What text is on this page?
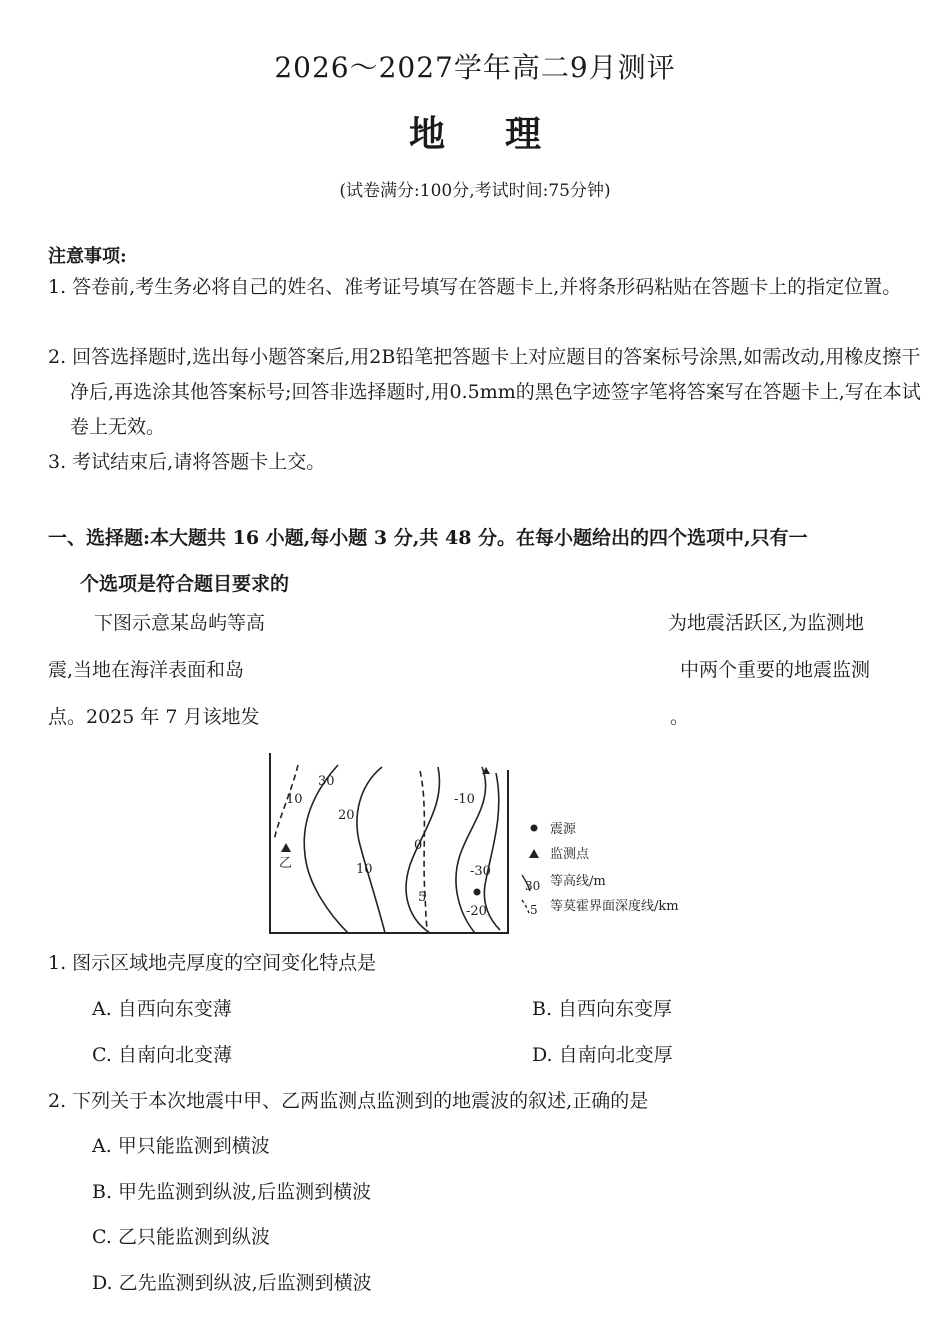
2026～2027学年高二9月测评
地理
(试卷满分:100分,考试时间:75分钟)
注意事项:
1. 答卷前,考生务必将自己的姓名、准考证号填写在答题卡上,并将条形码粘贴在答题卡上的指定位置。
2. 回答选择题时,选出每小题答案后,用2B铅笔把答题卡上对应题目的答案标号涂黑,如需改动,用橡皮擦干净后,再选涂其他答案标号;回答非选择题时,用0.5mm的黑色字迹签字笔将答案写在答题卡上,写在本试卷上无效。
3. 考试结束后,请将答题卡上交。
一、选择题:本大题共 16 小题,每小题 3 分,共 48 分。在每小题给出的四个选项中,只有一
个选项是符合题目要求的
下图示意某岛屿等高	为地震活跃区,为监测地
震,当地在海洋表面和岛	中两个重要的地震监测
点。2025 年 7 月该地发	。
30
10
20
10
0
5
-10
-30
-20
乙
震源
监测点
30 等高线/m
5 等莫霍界面深度线/km
1. 图示区域地壳厚度的空间变化特点是
A. 自西向东变薄	B. 自西向东变厚
C. 自南向北变薄	D. 自南向北变厚
2. 下列关于本次地震中甲、乙两监测点监测到的地震波的叙述,正确的是
A. 甲只能监测到横波
B. 甲先监测到纵波,后监测到横波
C. 乙只能监测到纵波
D. 乙先监测到纵波,后监测到横波
